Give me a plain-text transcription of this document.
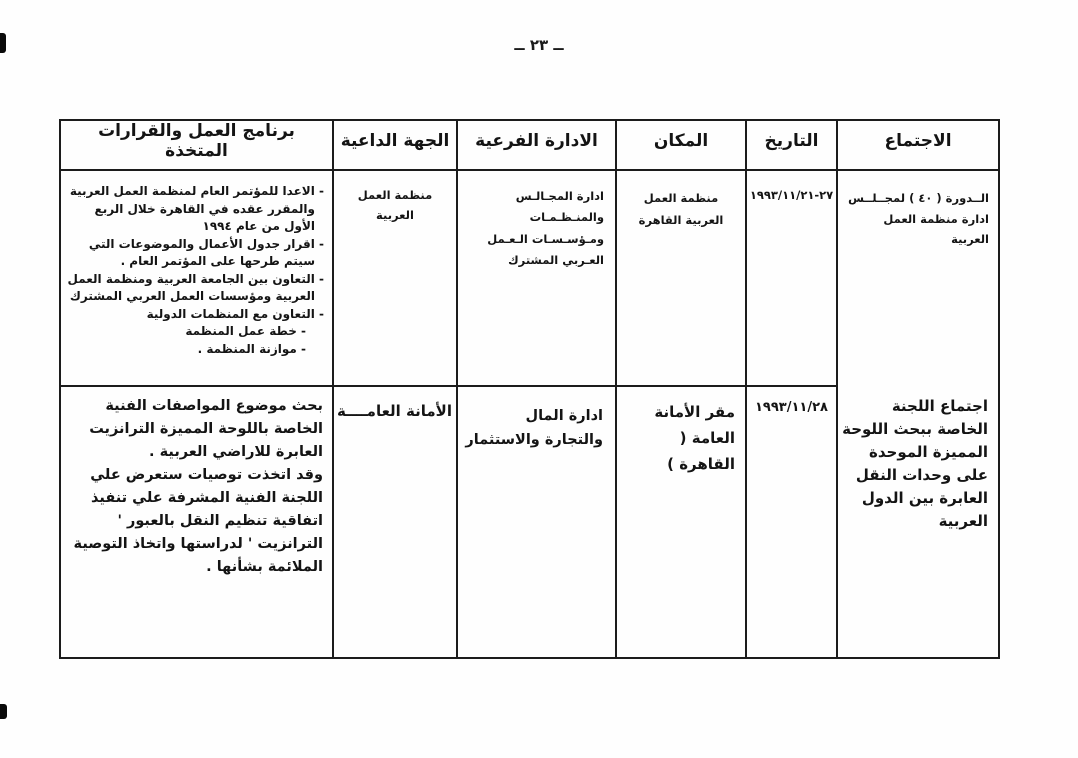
ــ ٢٣ ــ
الاجتماع
التاريخ
المكان
الادارة الفرعية
الجهة الداعية
برنامج العمل والقرارات المتخذة
الــدورة ( ٤٠ ) لمجــلــس ادارة منظمة العمل العربية
١٩٩٣/١١/٢١-٢٧
منظمة العمل العربية القاهرة
ادارة المجـالـس والمنـظـمـات ومـؤسـسـات الـعـمل العـربي المشترك
منظمة العمل العربية
- الاعدا للمؤتمر العام لمنظمة العمل العربية والمقرر عقده في القاهرة خلال الربع الأول من عام ١٩٩٤
- اقرار جدول الأعمال والموضوعات التي سيتم طرحها على المؤتمر العام .
- التعاون بين الجامعة العربية ومنظمة العمل العربية ومؤسسات العمل العربي المشترك
- التعاون مع المنظمات الدولية
- خطة عمل المنظمة
- موازنة المنظمة .
اجتماع اللجنة الخاصة ببحث اللوحة المميزة الموحدة على وحدات النقل العابرة بين الدول العربية
١٩٩٣/١١/٢٨
مقر الأمانة العامة ( القاهرة )
ادارة المال والتجارة والاستثمار
الأمانة العامــــة
بحث موضوع المواصفات الفنية الخاصة باللوحة المميزة الترانزيت العابرة للاراضي العربية .
وقد اتخذت توصيات ستعرض علي اللجنة الفنية المشرفة علي تنفيذ اتفاقية تنظيم النقل بالعبور ' الترانزيت ' لدراستها واتخاذ التوصية الملائمة بشأنها .
